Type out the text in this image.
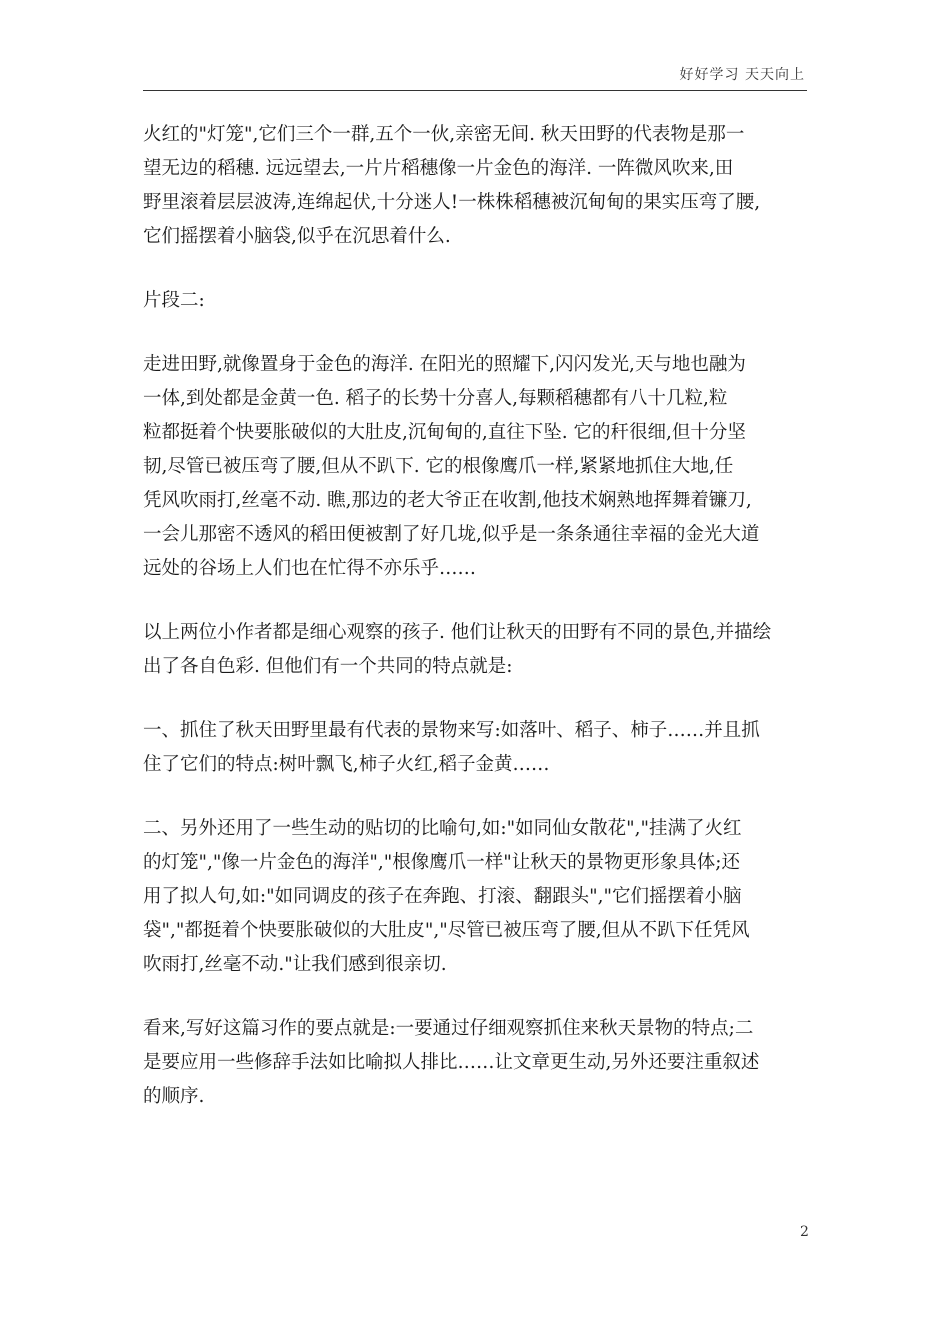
好好学习 天天向上

火红的"灯笼",它们三个一群,五个一伙,亲密无间. 秋天田野的代表物是那一
望无边的稻穗. 远远望去,一片片稻穗像一片金色的海洋. 一阵微风吹来,田
野里滚着层层波涛,连绵起伏,十分迷人!一株株稻穗被沉甸甸的果实压弯了腰,
它们摇摆着小脑袋,似乎在沉思着什么.

片段二:

走进田野,就像置身于金色的海洋. 在阳光的照耀下,闪闪发光,天与地也融为
一体,到处都是金黄一色. 稻子的长势十分喜人,每颗稻穗都有八十几粒,粒
粒都挺着个快要胀破似的大肚皮,沉甸甸的,直往下坠. 它的秆很细,但十分坚
韧,尽管已被压弯了腰,但从不趴下. 它的根像鹰爪一样,紧紧地抓住大地,任
凭风吹雨打,丝毫不动. 瞧,那边的老大爷正在收割,他技术娴熟地挥舞着镰刀,
一会儿那密不透风的稻田便被割了好几垅,似乎是一条条通往幸福的金光大道
远处的谷场上人们也在忙得不亦乐乎……

以上两位小作者都是细心观察的孩子. 他们让秋天的田野有不同的景色,并描绘
出了各自色彩. 但他们有一个共同的特点就是:

一、抓住了秋天田野里最有代表的景物来写:如落叶、稻子、柿子……并且抓
住了它们的特点:树叶飘飞,柿子火红,稻子金黄……

二、另外还用了一些生动的贴切的比喻句,如:"如同仙女散花","挂满了火红
的灯笼","像一片金色的海洋","根像鹰爪一样"让秋天的景物更形象具体;还
用了拟人句,如:"如同调皮的孩子在奔跑、打滚、翻跟头","它们摇摆着小脑
袋","都挺着个快要胀破似的大肚皮","尽管已被压弯了腰,但从不趴下任凭风
吹雨打,丝毫不动."让我们感到很亲切.

看来,写好这篇习作的要点就是:一要通过仔细观察抓住来秋天景物的特点;二
是要应用一些修辞手法如比喻拟人排比……让文章更生动,另外还要注重叙述
的顺序.

2
